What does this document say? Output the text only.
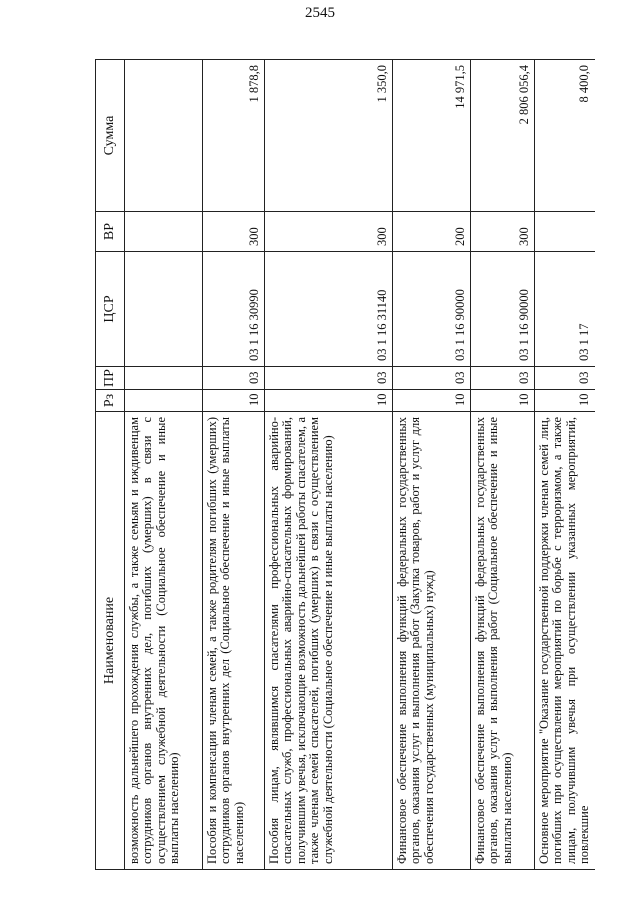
2545
Наименование	Рз	ПР	ЦСР	ВР	Сумма
возможность дальнейшего прохождения службы, а также семьям и иждивенцам сотрудников органов внутренних дел, погибших (умерших) в связи с осуществлением служебной деятельности (Социальное обеспечение и иные выплаты населению)					
Пособия и компенсации членам семей, а также родителям погибших (умерших) сотрудников органов внутренних дел (Социальное обеспечение и иные выплаты населению)	10	03	03 1 16 30990	300	1 878,8
Пособия лицам, являвшимся спасателями профессиональных аварийно-спасательных служб, профессиональных аварийно-спасательных формирований, получившим увечья, исключающие возможность дальнейшей работы спасателем, а также членам семей спасателей, погибших (умерших) в связи с осуществлением служебной деятельности (Социальное обеспечение и иные выплаты населению)	10	03	03 1 16 31140	300	1 350,0
Финансовое обеспечение выполнения функций федеральных государственных органов, оказания услуг и выполнения работ (Закупка товаров, работ и услуг для обеспечения государственных (муниципальных) нужд)	10	03	03 1 16 90000	200	14 971,5
Финансовое обеспечение выполнения функций федеральных государственных органов, оказания услуг и выполнения работ (Социальное обеспечение и иные выплаты населению)	10	03	03 1 16 90000	300	2 806 056,4
Основное мероприятие "Оказание государственной поддержки членам семей лиц, погибших при осуществлении мероприятий по борьбе с терроризмом, а также лицам, получившим увечья при осуществлении указанных мероприятий, повлекшие	10	03	03 1 17		8 400,0
